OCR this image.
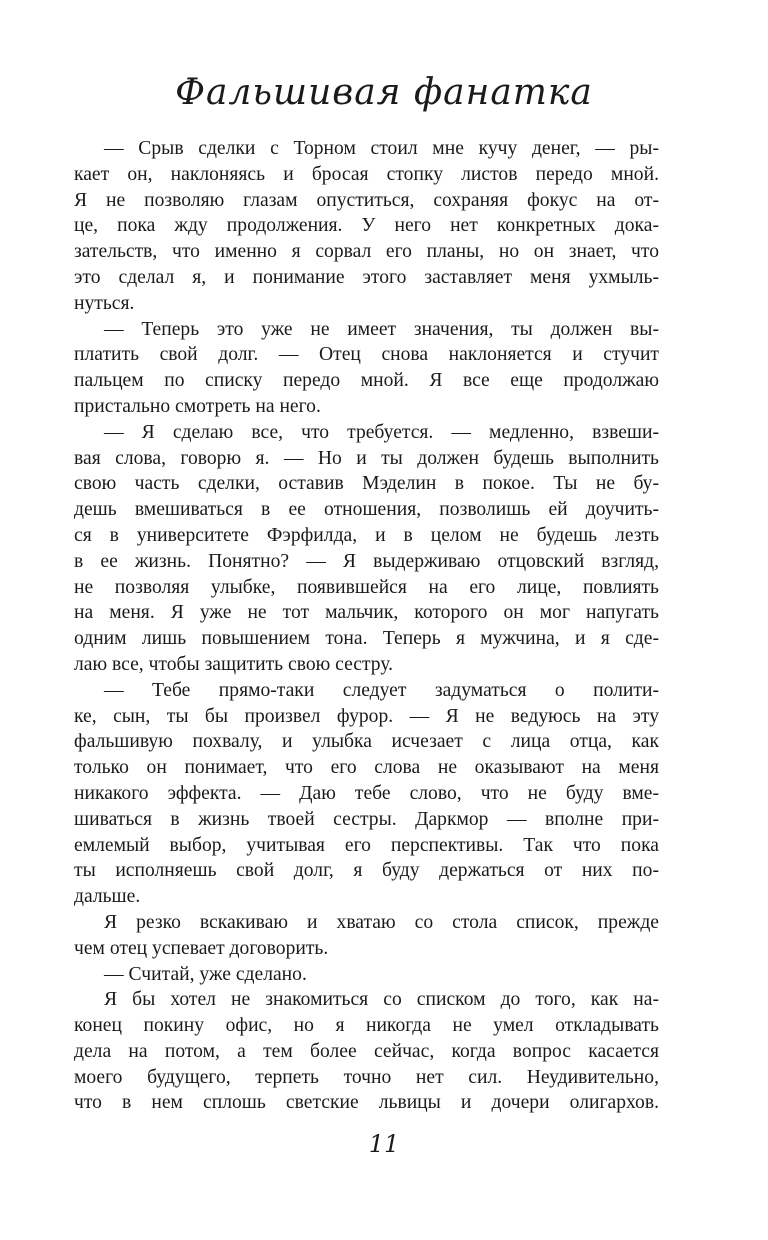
Фальшивая фанатка
— Срыв сделки с Торном стоил мне кучу денег, — ры-
кает он, наклоняясь и бросая стопку листов передо мной.
Я не позволяю глазам опуститься, сохраняя фокус на от-
це, пока жду продолжения. У него нет конкретных дока-
зательств, что именно я сорвал его планы, но он знает, что
это сделал я, и понимание этого заставляет меня ухмыль-
нуться.
— Теперь это уже не имеет значения, ты должен вы-
платить свой долг. — Отец снова наклоняется и стучит
пальцем по списку передо мной. Я все еще продолжаю
пристально смотреть на него.
— Я сделаю все, что требуется. — медленно, взвеши-
вая слова, говорю я. — Но и ты должен будешь выполнить
свою часть сделки, оставив Мэделин в покое. Ты не бу-
дешь вмешиваться в ее отношения, позволишь ей доучить-
ся в университете Фэрфилда, и в целом не будешь лезть
в ее жизнь. Понятно? — Я выдерживаю отцовский взгляд,
не позволяя улыбке, появившейся на его лице, повлиять
на меня. Я уже не тот мальчик, которого он мог напугать
одним лишь повышением тона. Теперь я мужчина, и я сде-
лаю все, чтобы защитить свою сестру.
— Тебе прямо-таки следует задуматься о полити-
ке, сын, ты бы произвел фурор. — Я не ведуюсь на эту
фальшивую похвалу, и улыбка исчезает с лица отца, как
только он понимает, что его слова не оказывают на меня
никакого эффекта. — Даю тебе слово, что не буду вме-
шиваться в жизнь твоей сестры. Даркмор — вполне при-
емлемый выбор, учитывая его перспективы. Так что пока
ты исполняешь свой долг, я буду держаться от них по-
дальше.
Я резко вскакиваю и хватаю со стола список, прежде
чем отец успевает договорить.
— Считай, уже сделано.
Я бы хотел не знакомиться со списком до того, как на-
конец покину офис, но я никогда не умел откладывать
дела на потом, а тем более сейчас, когда вопрос касается
моего будущего, терпеть точно нет сил. Неудивительно,
что в нем сплошь светские львицы и дочери олигархов.
11
